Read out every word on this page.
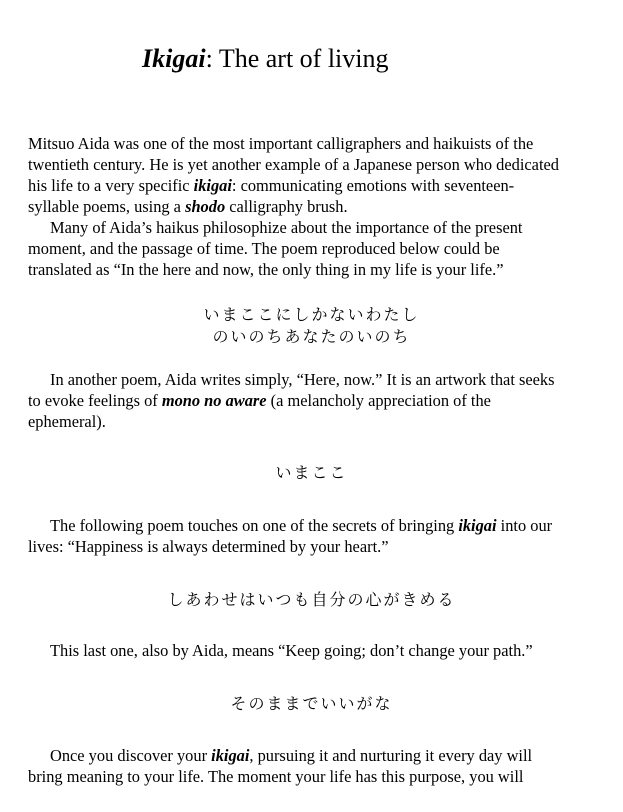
Ikigai: The art of living

Mitsuo Aida was one of the most important calligraphers and haikuists of the
twentieth century. He is yet another example of a Japanese person who dedicated
his life to a very specific ikigai: communicating emotions with seventeen-
syllable poems, using a shodo calligraphy brush.

Many of Aida’s haikus philosophize about the importance of the present
moment, and the passage of time. The poem reproduced below could be
translated as “In the here and now, the only thing in my life is your life.”

いまここにしかないわたし
のいのちあなたのいのち

In another poem, Aida writes simply, “Here, now.” It is an artwork that seeks
to evoke feelings of mono no aware (a melancholy appreciation of the
ephemeral).

いまここ

The following poem touches on one of the secrets of bringing ikigai into our
lives: “Happiness is always determined by your heart.”

しあわせはいつも自分の心がきめる

This last one, also by Aida, means “Keep going; don’t change your path.”

そのままでいいがな

Once you discover your ikigai, pursuing it and nurturing it every day will
bring meaning to your life. The moment your life has this purpose, you will
